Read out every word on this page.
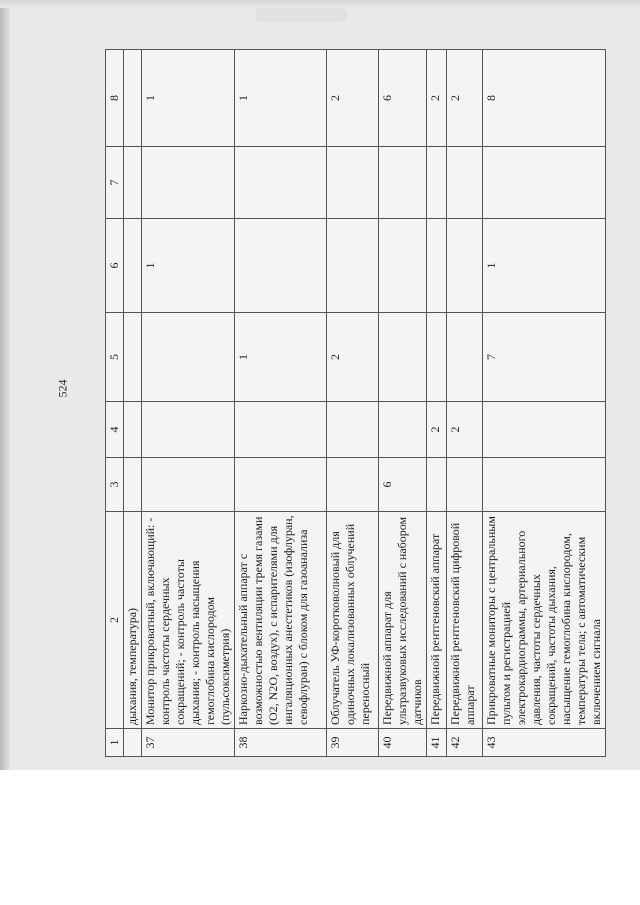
524
1	2	3	4	5	6	7	8
	дыхания, температура)						
37	Монитор прикроватный, включающий: - контроль частоты сердечных сокращений; - контроль частоты дыхания; - контроль насыщения гемоглобина кислородом (пульсоксиметрия)				1		1
38	Наркозно-дыхательный аппарат с возможностью вентиляции тремя газами (O2, N2O, воздух), с испарителями для ингаляционных анестетиков (изофлуран, севофлуран) с блоком для газоанализа			1			1
39	Облучатель УФ-коротковолновый для одиночных локализованных облучений переносный			2			2
40	Передвижной аппарат для ультразвуковых исследований с набором датчиков	6					6
41	Передвижной рентгеновский аппарат		2				2
42	Передвижной рентгеновский цифровой аппарат		2				2
43	Прикроватные мониторы с центральным пультом и регистрацией электрокардиограммы, артериального давления, частоты сердечных сокращений, частоты дыхания, насыщение гемоглобина кислородом, температуры тела; с автоматическим включением сигнала			7	1		8
